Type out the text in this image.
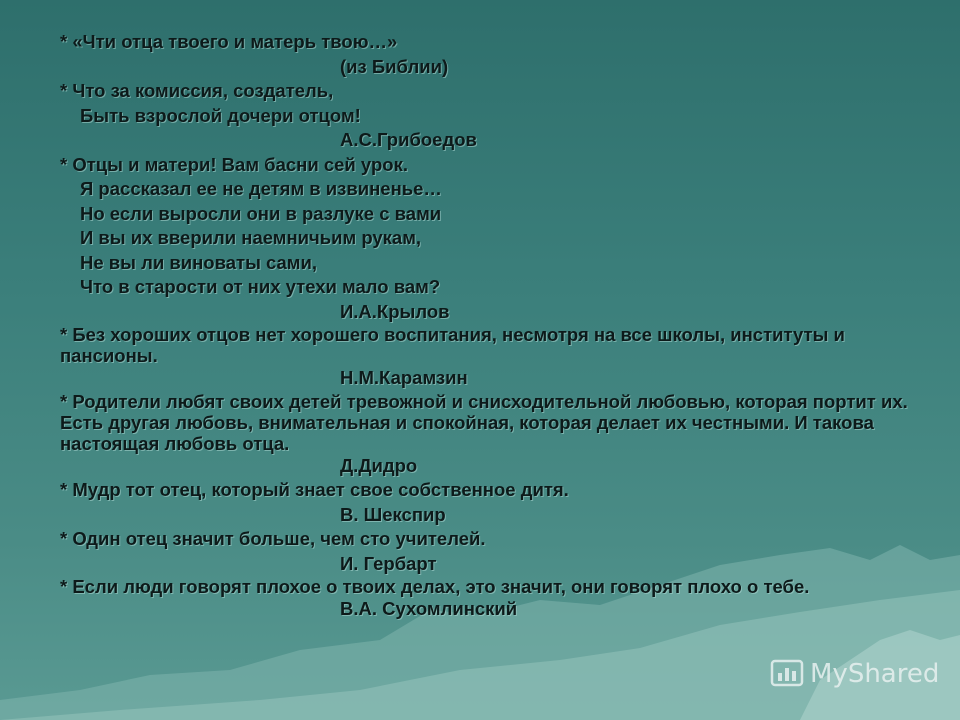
* «Чти отца твоего и матерь твою…»
(из Библии)
* Что за комиссия, создатель,
Быть взрослой дочери отцом!
А.С.Грибоедов
* Отцы и матери! Вам басни сей урок.
Я рассказал ее не детям в извиненье…
Но если выросли они в разлуке с вами
И вы их вверили наемничьим рукам,
Не вы ли виноваты сами,
Что в старости от них утехи мало вам?
И.А.Крылов
* Без хороших отцов нет хорошего воспитания, несмотря на все школы, институты и пансионы.
Н.М.Карамзин
* Родители любят своих детей тревожной и снисходительной любовью, которая портит их. Есть другая любовь, внимательная и спокойная, которая делает их честными. И такова настоящая любовь отца.
Д.Дидро
* Мудр тот отец, который знает свое собственное дитя.
В. Шекспир
* Один отец значит больше, чем сто учителей.
И. Гербарт
* Если люди говорят плохое о твоих делах, это значит, они говорят плохо о тебе.
В.А. Сухомлинский
MyShared
